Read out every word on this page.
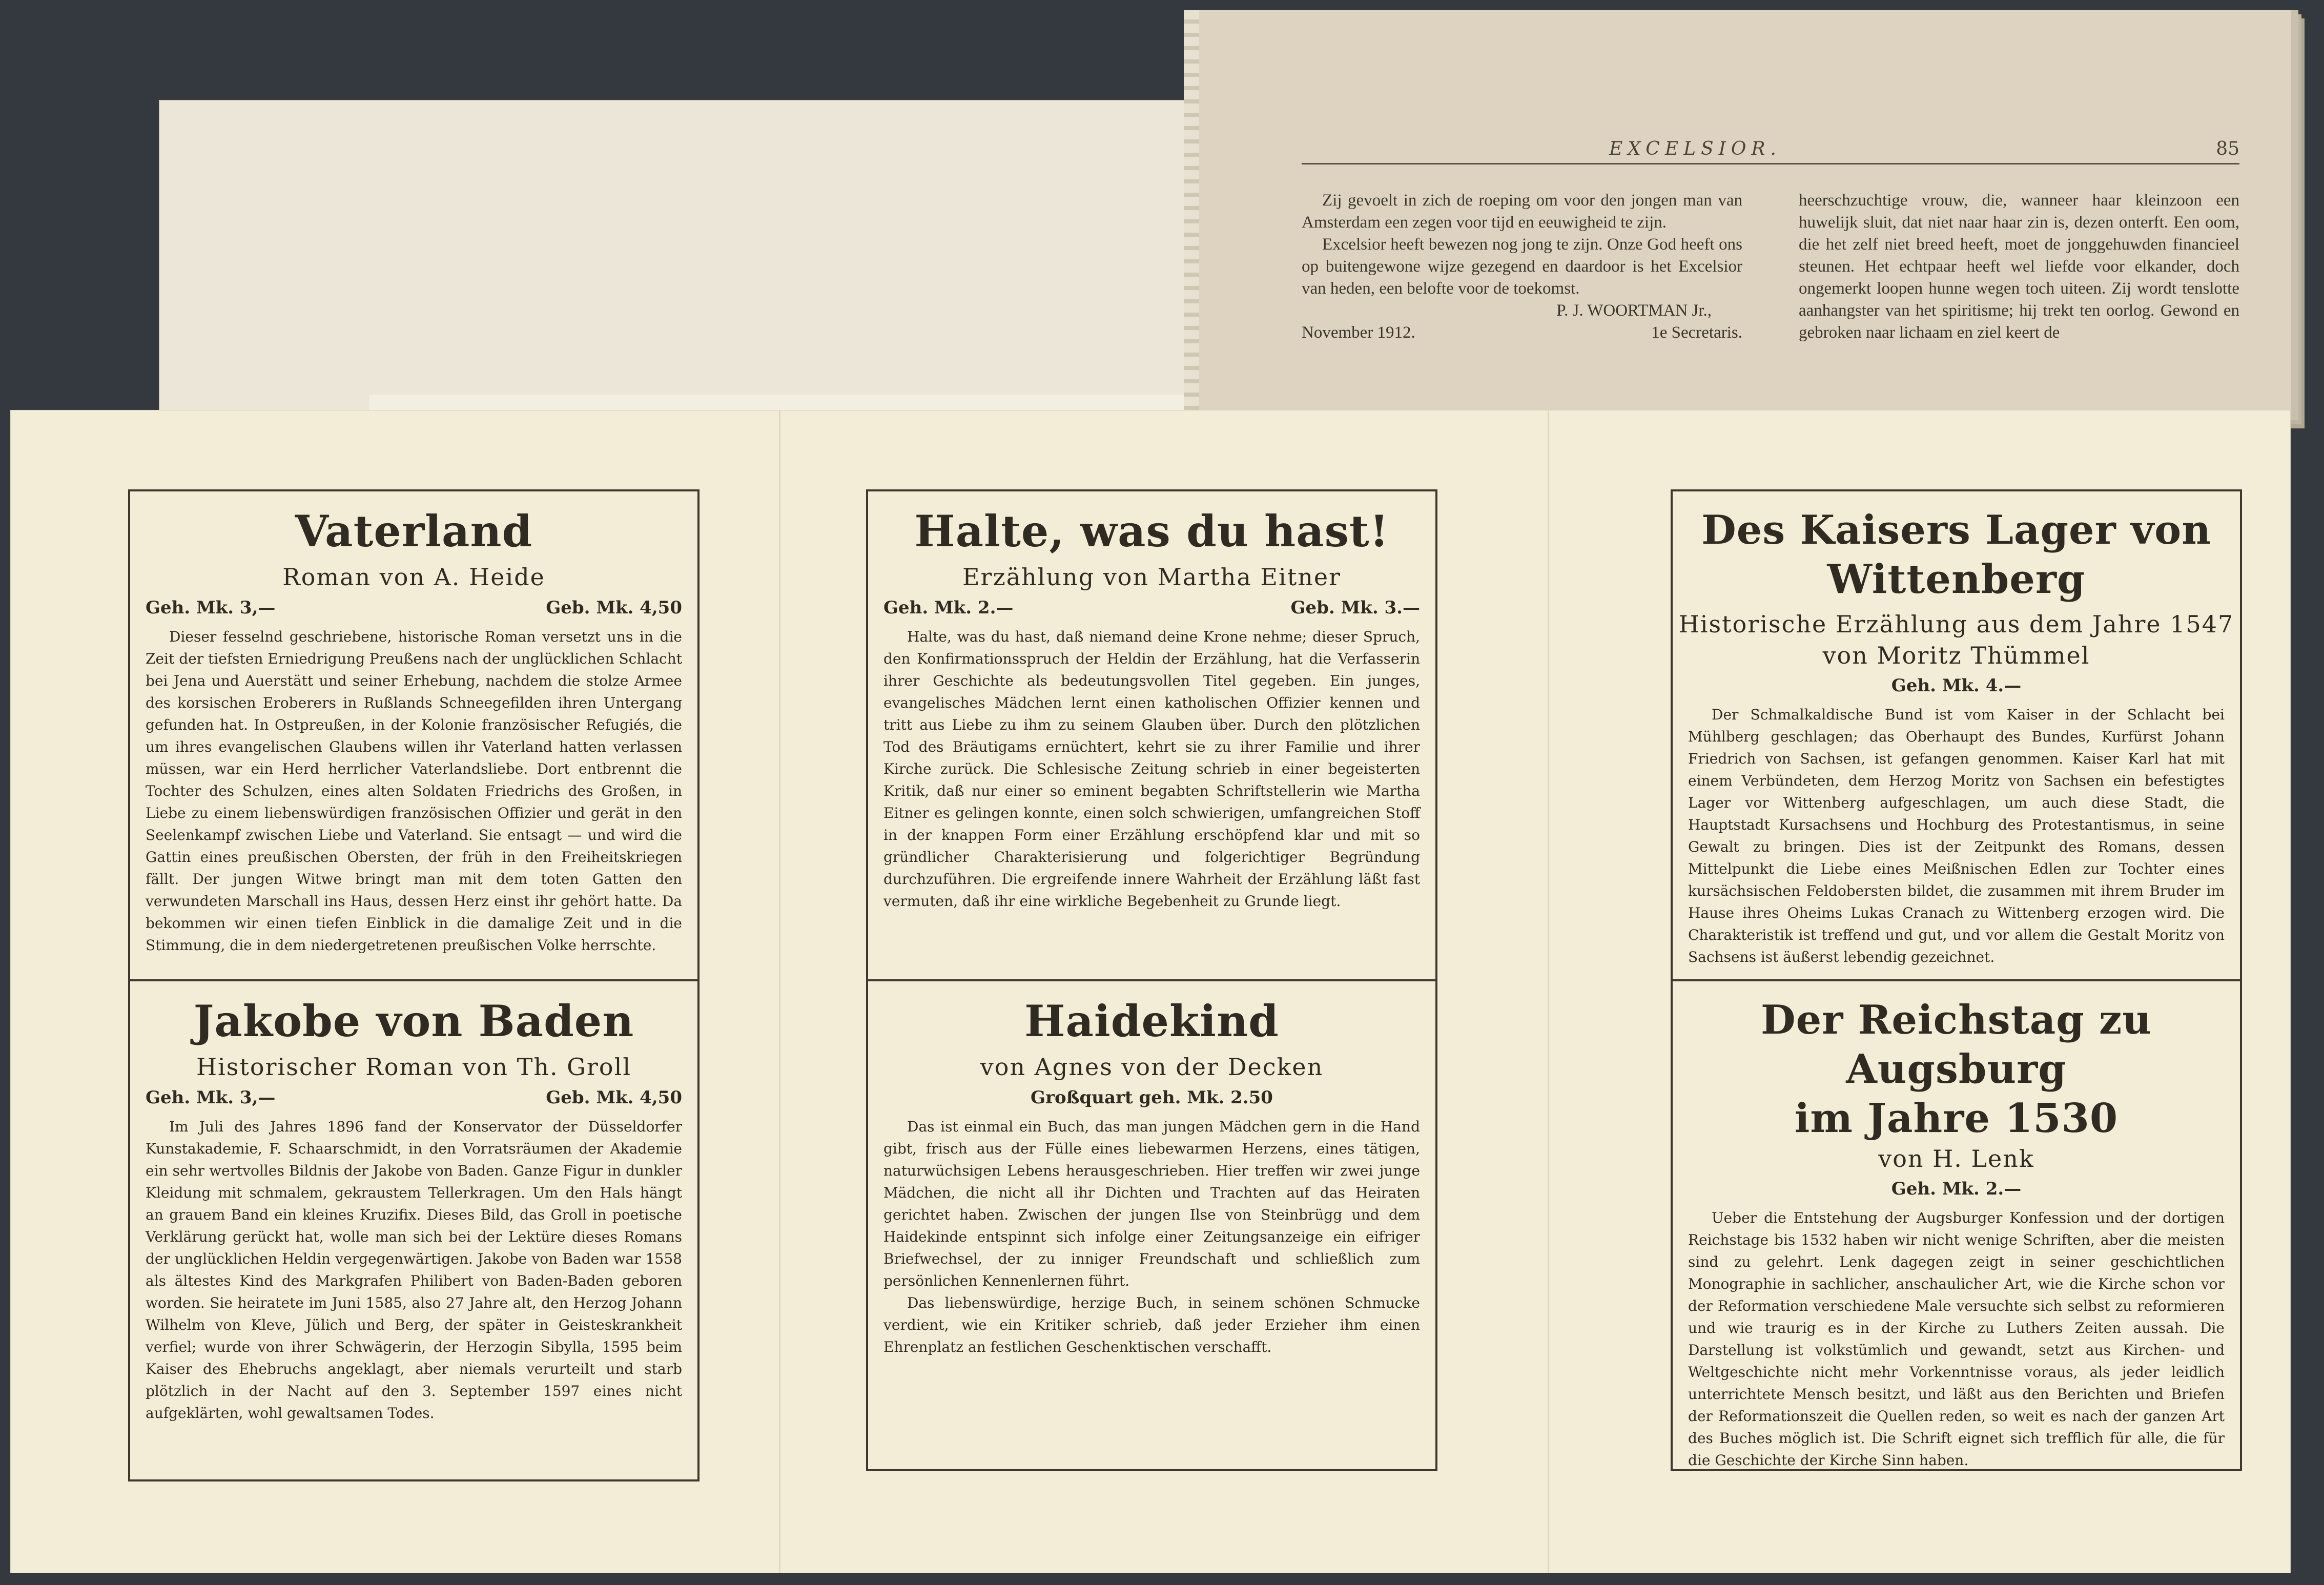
EXCELSIOR.	85

Zij gevoelt in zich de roeping om voor den jongen man van Amsterdam een zegen voor tijd en eeuwigheid te zijn.

Excelsior heeft bewezen nog jong te zijn. Onze God heeft ons op buitengewone wijze gezegend en daardoor is het Excelsior van heden, een belofte voor de toekomst.

P. J. WOORTMAN Jr.,

November 1912.	1e Secretaris.

heerschzuchtige vrouw, die, wanneer haar kleinzoon een huwelijk sluit, dat niet naar haar zin is, dezen onterft. Een oom, die het zelf niet breed heeft, moet de jonggehuwden financieel steunen. Het echtpaar heeft wel liefde voor elkander, doch ongemerkt loopen hunne wegen toch uiteen. Zij wordt tenslotte aanhangster van het spiritisme; hij trekt ten oorlog. Gewond en gebroken naar lichaam en ziel keert de

Vaterland
Roman von A. Heide
Geh. Mk. 3,—	Geb. Mk. 4,50

Dieser fesselnd geschriebene, historische Roman versetzt uns in die Zeit der tiefsten Erniedrigung Preußens nach der unglücklichen Schlacht bei Jena und Auerstätt und seiner Erhebung, nachdem die stolze Armee des korsischen Eroberers in Rußlands Schneegefilden ihren Untergang gefunden hat. In Ostpreußen, in der Kolonie französischer Refugiés, die um ihres evangelischen Glaubens willen ihr Vaterland hatten verlassen müssen, war ein Herd herrlicher Vaterlandsliebe. Dort entbrennt die Tochter des Schulzen, eines alten Soldaten Friedrichs des Großen, in Liebe zu einem liebenswürdigen französischen Offizier und gerät in den Seelenkampf zwischen Liebe und Vaterland. Sie entsagt — und wird die Gattin eines preußischen Obersten, der früh in den Freiheitskriegen fällt. Der jungen Witwe bringt man mit dem toten Gatten den verwundeten Marschall ins Haus, dessen Herz einst ihr gehört hatte. Da bekommen wir einen tiefen Einblick in die damalige Zeit und in die Stimmung, die in dem niedergetretenen preußischen Volke herrschte.

Jakobe von Baden
Historischer Roman von Th. Groll
Geh. Mk. 3,—	Geb. Mk. 4,50

Im Juli des Jahres 1896 fand der Konservator der Düsseldorfer Kunstakademie, F. Schaarschmidt, in den Vorratsräumen der Akademie ein sehr wertvolles Bildnis der Jakobe von Baden. Ganze Figur in dunkler Kleidung mit schmalem, gekraustem Tellerkragen. Um den Hals hängt an grauem Band ein kleines Kruzifix. Dieses Bild, das Groll in poetische Verklärung gerückt hat, wolle man sich bei der Lektüre dieses Romans der unglücklichen Heldin vergegenwärtigen. Jakobe von Baden war 1558 als ältestes Kind des Markgrafen Philibert von Baden-Baden geboren worden. Sie heiratete im Juni 1585, also 27 Jahre alt, den Herzog Johann Wilhelm von Kleve, Jülich und Berg, der später in Geisteskrankheit verfiel; wurde von ihrer Schwägerin, der Herzogin Sibylla, 1595 beim Kaiser des Ehebruchs angeklagt, aber niemals verurteilt und starb plötzlich in der Nacht auf den 3. September 1597 eines nicht aufgeklärten, wohl gewaltsamen Todes.

Halte, was du hast!
Erzählung von Martha Eitner
Geh. Mk. 2.—	Geb. Mk. 3.—

Halte, was du hast, daß niemand deine Krone nehme; dieser Spruch, den Konfirmationsspruch der Heldin der Erzählung, hat die Verfasserin ihrer Geschichte als bedeutungsvollen Titel gegeben. Ein junges, evangelisches Mädchen lernt einen katholischen Offizier kennen und tritt aus Liebe zu ihm zu seinem Glauben über. Durch den plötzlichen Tod des Bräutigams ernüchtert, kehrt sie zu ihrer Familie und ihrer Kirche zurück. Die Schlesische Zeitung schrieb in einer begeisterten Kritik, daß nur einer so eminent begabten Schriftstellerin wie Martha Eitner es gelingen konnte, einen solch schwierigen, umfangreichen Stoff in der knappen Form einer Erzählung erschöpfend klar und mit so gründlicher Charakterisierung und folgerichtiger Begründung durchzuführen. Die ergreifende innere Wahrheit der Erzählung läßt fast vermuten, daß ihr eine wirkliche Begebenheit zu Grunde liegt.

Haidekind
von Agnes von der Decken
Großquart geh. Mk. 2.50

Das ist einmal ein Buch, das man jungen Mädchen gern in die Hand gibt, frisch aus der Fülle eines liebewarmen Herzens, eines tätigen, naturwüchsigen Lebens herausgeschrieben. Hier treffen wir zwei junge Mädchen, die nicht all ihr Dichten und Trachten auf das Heiraten gerichtet haben. Zwischen der jungen Ilse von Steinbrügg und dem Haidekinde entspinnt sich infolge einer Zeitungsanzeige ein eifriger Briefwechsel, der zu inniger Freundschaft und schließlich zum persönlichen Kennenlernen führt.

Das liebenswürdige, herzige Buch, in seinem schönen Schmucke verdient, wie ein Kritiker schrieb, daß jeder Erzieher ihm einen Ehrenplatz an festlichen Geschenktischen verschafft.

Des Kaisers Lager von
Wittenberg
Historische Erzählung aus dem Jahre 1547
von Moritz Thümmel
Geh. Mk. 4.—

Der Schmalkaldische Bund ist vom Kaiser in der Schlacht bei Mühlberg geschlagen; das Oberhaupt des Bundes, Kurfürst Johann Friedrich von Sachsen, ist gefangen genommen. Kaiser Karl hat mit einem Verbündeten, dem Herzog Moritz von Sachsen ein befestigtes Lager vor Wittenberg aufgeschlagen, um auch diese Stadt, die Hauptstadt Kursachsens und Hochburg des Protestantismus, in seine Gewalt zu bringen. Dies ist der Zeitpunkt des Romans, dessen Mittelpunkt die Liebe eines Meißnischen Edlen zur Tochter eines kursächsischen Feldobersten bildet, die zusammen mit ihrem Bruder im Hause ihres Oheims Lukas Cranach zu Wittenberg erzogen wird. Die Charakteristik ist treffend und gut, und vor allem die Gestalt Moritz von Sachsens ist äußerst lebendig gezeichnet.

Der Reichstag zu Augsburg
im Jahre 1530
von H. Lenk
Geh. Mk. 2.—

Ueber die Entstehung der Augsburger Konfession und der dortigen Reichstage bis 1532 haben wir nicht wenige Schriften, aber die meisten sind zu gelehrt. Lenk dagegen zeigt in seiner geschichtlichen Monographie in sachlicher, anschaulicher Art, wie die Kirche schon vor der Reformation verschiedene Male versuchte sich selbst zu reformieren und wie traurig es in der Kirche zu Luthers Zeiten aussah. Die Darstellung ist volkstümlich und gewandt, setzt aus Kirchen- und Weltgeschichte nicht mehr Vorkenntnisse voraus, als jeder leidlich unterrichtete Mensch besitzt, und läßt aus den Berichten und Briefen der Reformationszeit die Quellen reden, so weit es nach der ganzen Art des Buches möglich ist. Die Schrift eignet sich trefflich für alle, die für die Geschichte der Kirche Sinn haben.
